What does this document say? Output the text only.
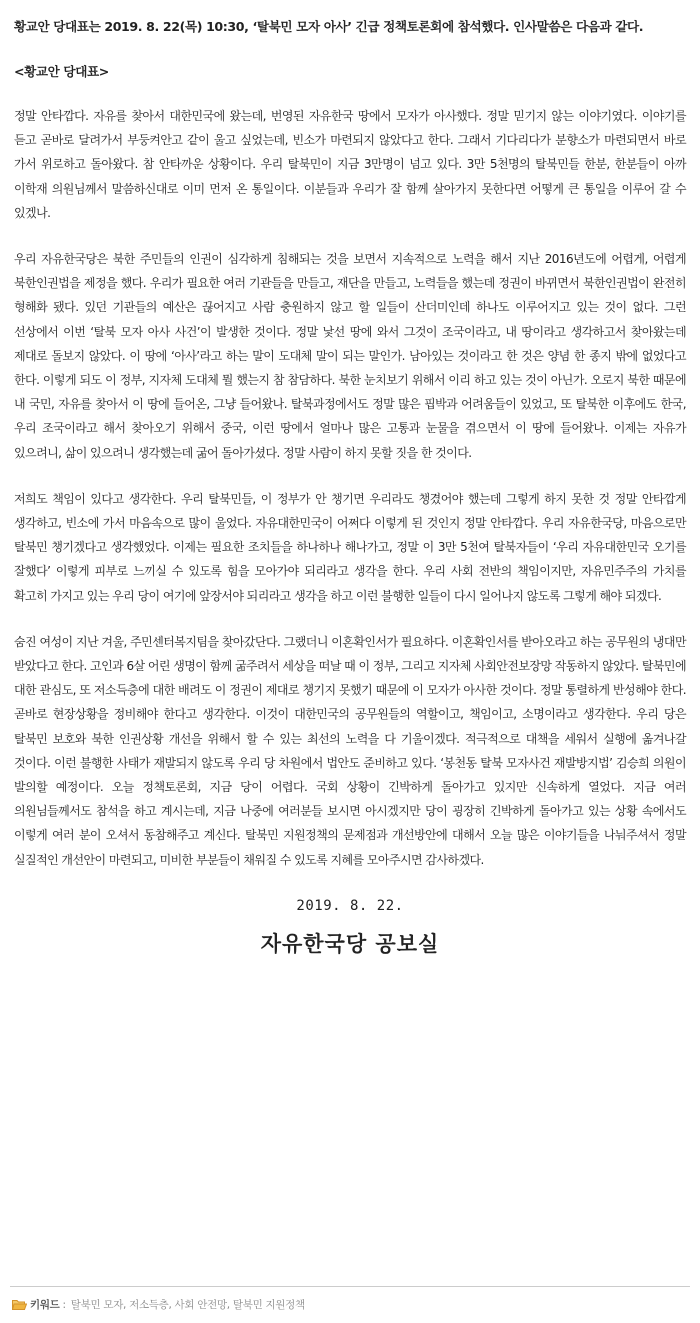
황교안 당대표는 2019. 8. 22(목) 10:30, ‘탈북민 모자 아사’ 긴급 정책토론회에 참석했다. 인사말씀은 다음과 같다.

<황교안 당대표>

정말 안타깝다. 자유를 찾아서 대한민국에 왔는데, 번영된 자유한국 땅에서 모자가 아사했다. 정말 믿기지 않는 이야기였다. 이야기를 듣고 곧바로 달려가서 부둥켜안고 같이 울고 싶었는데, 빈소가 마련되지 않았다고 한다. 그래서 기다리다가 분향소가 마련되면서 바로 가서 위로하고 돌아왔다. 참 안타까운 상황이다. 우리 탈북민이 지금 3만명이 넘고 있다. 3만 5천명의 탈북민들 한분, 한분들이 아까 이학재 의원님께서 말씀하신대로 이미 먼저 온 통일이다. 이분들과 우리가 잘 함께 살아가지 못한다면 어떻게 큰 통일을 이루어 갈 수 있겠나.

우리 자유한국당은 북한 주민들의 인권이 심각하게 침해되는 것을 보면서 지속적으로 노력을 해서 지난 2016년도에 어렵게, 어렵게 북한인권법을 제정을 했다. 우리가 필요한 여러 기관들을 만들고, 재단을 만들고, 노력들을 했는데 정권이 바뀌면서 북한인권법이 완전히 형해화 됐다. 있던 기관들의 예산은 끊어지고 사람 충원하지 않고 할 일들이 산더미인데 하나도 이루어지고 있는 것이 없다. 그런 선상에서 이번 ‘탈북 모자 아사 사건’이 발생한 것이다. 정말 낯선 땅에 와서 그것이 조국이라고, 내 땅이라고 생각하고서 찾아왔는데 제대로 돌보지 않았다. 이 땅에 ‘아사’라고 하는 말이 도대체 말이 되는 말인가. 남아있는 것이라고 한 것은 양념 한 종지 밖에 없었다고 한다. 이렇게 되도 이 정부, 지자체 도대체 뭘 했는지 참 참담하다. 북한 눈치보기 위해서 이리 하고 있는 것이 아닌가. 오로지 북한 때문에 내 국민, 자유를 찾아서 이 땅에 들어온, 그냥 들어왔나. 탈북과정에서도 정말 많은 핍박과 어려움들이 있었고, 또 탈북한 이후에도 한국, 우리 조국이라고 해서 찾아오기 위해서 중국, 이런 땅에서 얼마나 많은 고통과 눈물을 겪으면서 이 땅에 들어왔나. 이제는 자유가 있으려니, 삶이 있으려니 생각했는데 굶어 돌아가셨다. 정말 사람이 하지 못할 짓을 한 것이다.

저희도 책임이 있다고 생각한다. 우리 탈북민들, 이 정부가 안 챙기면 우리라도 챙겼어야 했는데 그렇게 하지 못한 것 정말 안타깝게 생각하고, 빈소에 가서 마음속으로 많이 울었다. 자유대한민국이 어쩌다 이렇게 된 것인지 정말 안타깝다. 우리 자유한국당, 마음으로만 탈북민 챙기겠다고 생각했었다. 이제는 필요한 조치들을 하나하나 해나가고, 정말 이 3만 5천여 탈북자들이 ‘우리 자유대한민국 오기를 잘했다’ 이렇게 피부로 느끼실 수 있도록 힘을 모아가야 되리라고 생각을 한다. 우리 사회 전반의 책임이지만, 자유민주주의 가치를 확고히 가지고 있는 우리 당이 여기에 앞장서야 되리라고 생각을 하고 이런 불행한 일들이 다시 일어나지 않도록 그렇게 해야 되겠다.

숨진 여성이 지난 겨울, 주민센터복지팀을 찾아갔단다. 그랬더니 이혼확인서가 필요하다. 이혼확인서를 받아오라고 하는 공무원의 냉대만 받았다고 한다. 고인과 6살 어린 생명이 함께 굶주려서 세상을 떠날 때 이 정부, 그리고 지자체 사회안전보장망 작동하지 않았다. 탈북민에 대한 관심도, 또 저소득층에 대한 배려도 이 정권이 제대로 챙기지 못했기 때문에 이 모자가 아사한 것이다. 정말 통렬하게 반성해야 한다. 곧바로 현장상황을 정비해야 한다고 생각한다. 이것이 대한민국의 공무원들의 역할이고, 책임이고, 소명이라고 생각한다. 우리 당은 탈북민 보호와 북한 인권상황 개선을 위해서 할 수 있는 최선의 노력을 다 기울이겠다. 적극적으로 대책을 세워서 실행에 옮겨나갈 것이다. 이런 불행한 사태가 재발되지 않도록 우리 당 차원에서 법안도 준비하고 있다. ‘봉천동 탈북 모자사건 재발방지법’ 김승희 의원이 발의할 예정이다. 오늘 정책토론회, 지금 당이 어렵다. 국회 상황이 긴박하게 돌아가고 있지만 신속하게 열었다. 지금 여러 의원님들께서도 참석을 하고 계시는데, 지금 나중에 여러분들 보시면 아시겠지만 당이 굉장히 긴박하게 돌아가고 있는 상황 속에서도 이렇게 여러 분이 오셔서 동참해주고 계신다. 탈북민 지원정책의 문제점과 개선방안에 대해서 오늘 많은 이야기들을 나눠주셔서 정말 실질적인 개선안이 마련되고, 미비한 부분들이 채워질 수 있도록 지혜를 모아주시면 감사하겠다.

2019. 8. 22.
자유한국당 공보실
키워드 : 탈북민 모자, 저소득층, 사회 안전망, 탈북민 지원정책
